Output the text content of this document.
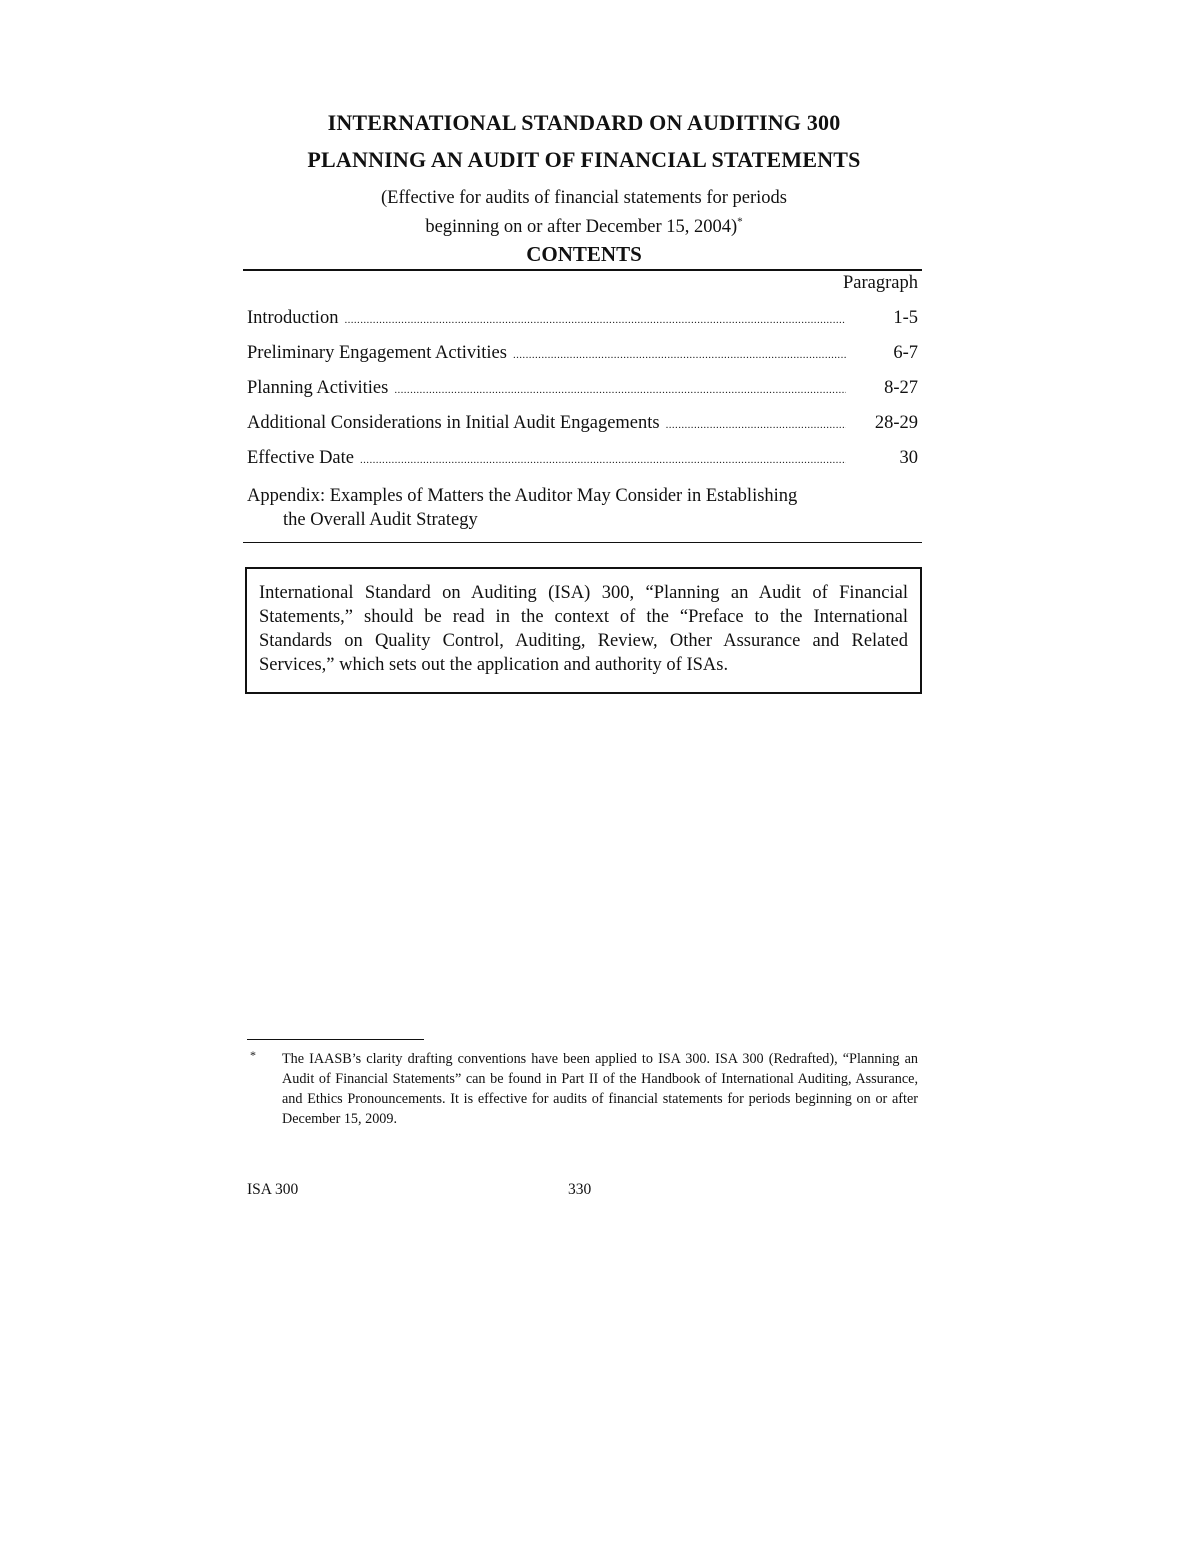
INTERNATIONAL STANDARD ON AUDITING 300
PLANNING AN AUDIT OF FINANCIAL STATEMENTS
(Effective for audits of financial statements for periods
beginning on or after December 15, 2004)*
CONTENTS
Paragraph
Introduction .....	1-5
Preliminary Engagement Activities .....	6-7
Planning Activities .....	8-27
Additional Considerations in Initial Audit Engagements .....	28-29
Effective Date .....	30
Appendix: Examples of Matters the Auditor May Consider in Establishing

the Overall Audit Strategy
International Standard on Auditing (ISA) 300, “Planning an Audit of Financial Statements,” should be read in the context of the “Preface to the International Standards on Quality Control, Auditing, Review, Other Assurance and Related Services,” which sets out the application and authority of ISAs.
* The IAASB’s clarity drafting conventions have been applied to ISA 300. ISA 300 (Redrafted), “Planning an Audit of Financial Statements” can be found in Part II of the Handbook of International Auditing, Assurance, and Ethics Pronouncements. It is effective for audits of financial statements for periods beginning on or after December 15, 2009.
ISA 300	330
